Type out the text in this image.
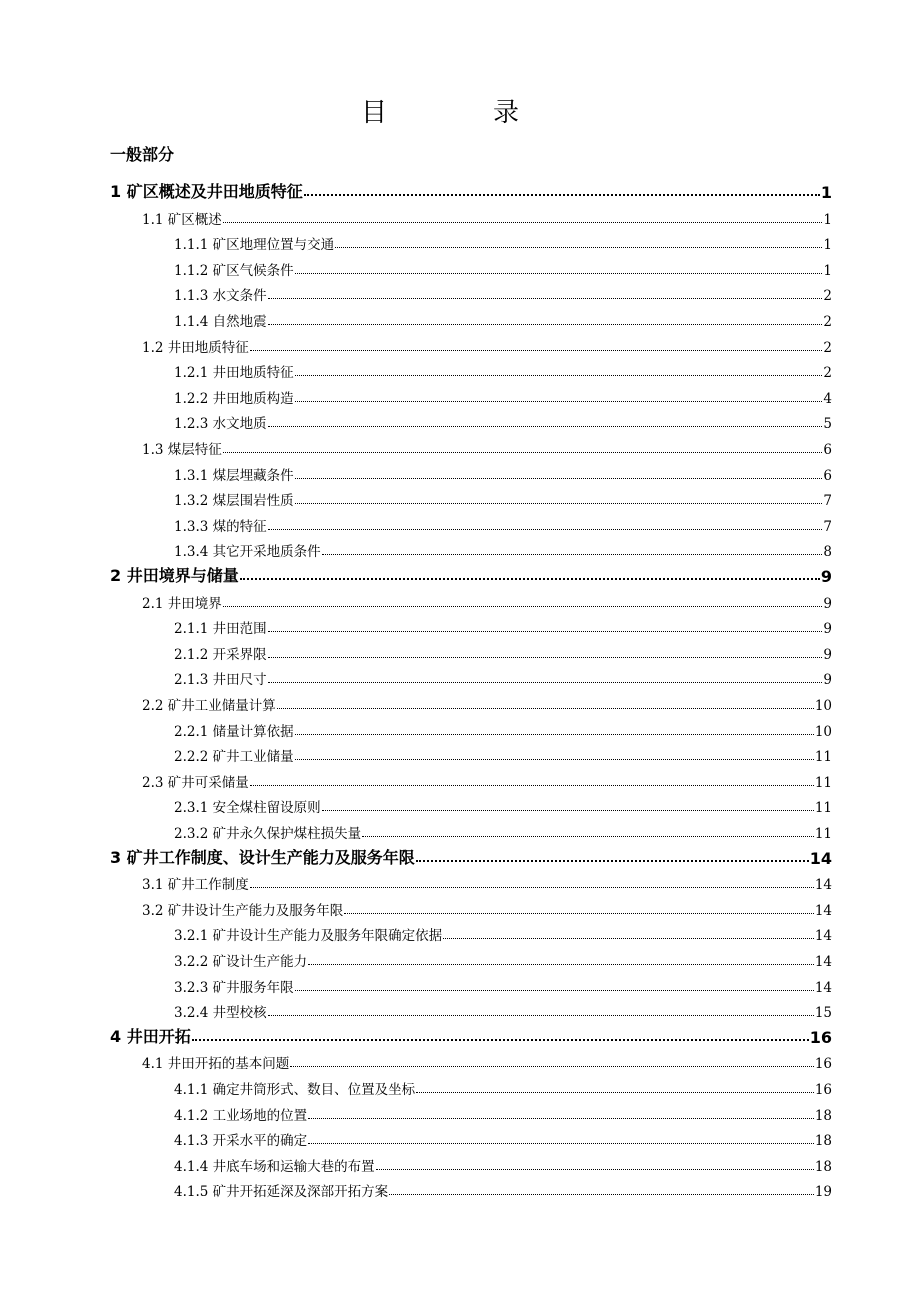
目　录
一般部分
1 矿区概述及井田地质特征	1
1.1 矿区概述	1
1.1.1 矿区地理位置与交通	1
1.1.2 矿区气候条件	1
1.1.3 水文条件	2
1.1.4 自然地震	2
1.2 井田地质特征	2
1.2.1 井田地质特征	2
1.2.2 井田地质构造	4
1.2.3 水文地质	5
1.3 煤层特征	6
1.3.1 煤层埋藏条件	6
1.3.2 煤层围岩性质	7
1.3.3 煤的特征	7
1.3.4 其它开采地质条件	8
2 井田境界与储量	9
2.1 井田境界	9
2.1.1 井田范围	9
2.1.2 开采界限	9
2.1.3 井田尺寸	9
2.2 矿井工业储量计算	10
2.2.1 储量计算依据	10
2.2.2 矿井工业储量	11
2.3 矿井可采储量	11
2.3.1 安全煤柱留设原则	11
2.3.2 矿井永久保护煤柱损失量	11
3 矿井工作制度、设计生产能力及服务年限	14
3.1 矿井工作制度	14
3.2 矿井设计生产能力及服务年限	14
3.2.1 矿井设计生产能力及服务年限确定依据	14
3.2.2 矿设计生产能力	14
3.2.3 矿井服务年限	14
3.2.4 井型校核	15
4 井田开拓	16
4.1 井田开拓的基本问题	16
4.1.1 确定井筒形式、数目、位置及坐标	16
4.1.2 工业场地的位置	18
4.1.3 开采水平的确定	18
4.1.4 井底车场和运输大巷的布置	18
4.1.5 矿井开拓延深及深部开拓方案	19
